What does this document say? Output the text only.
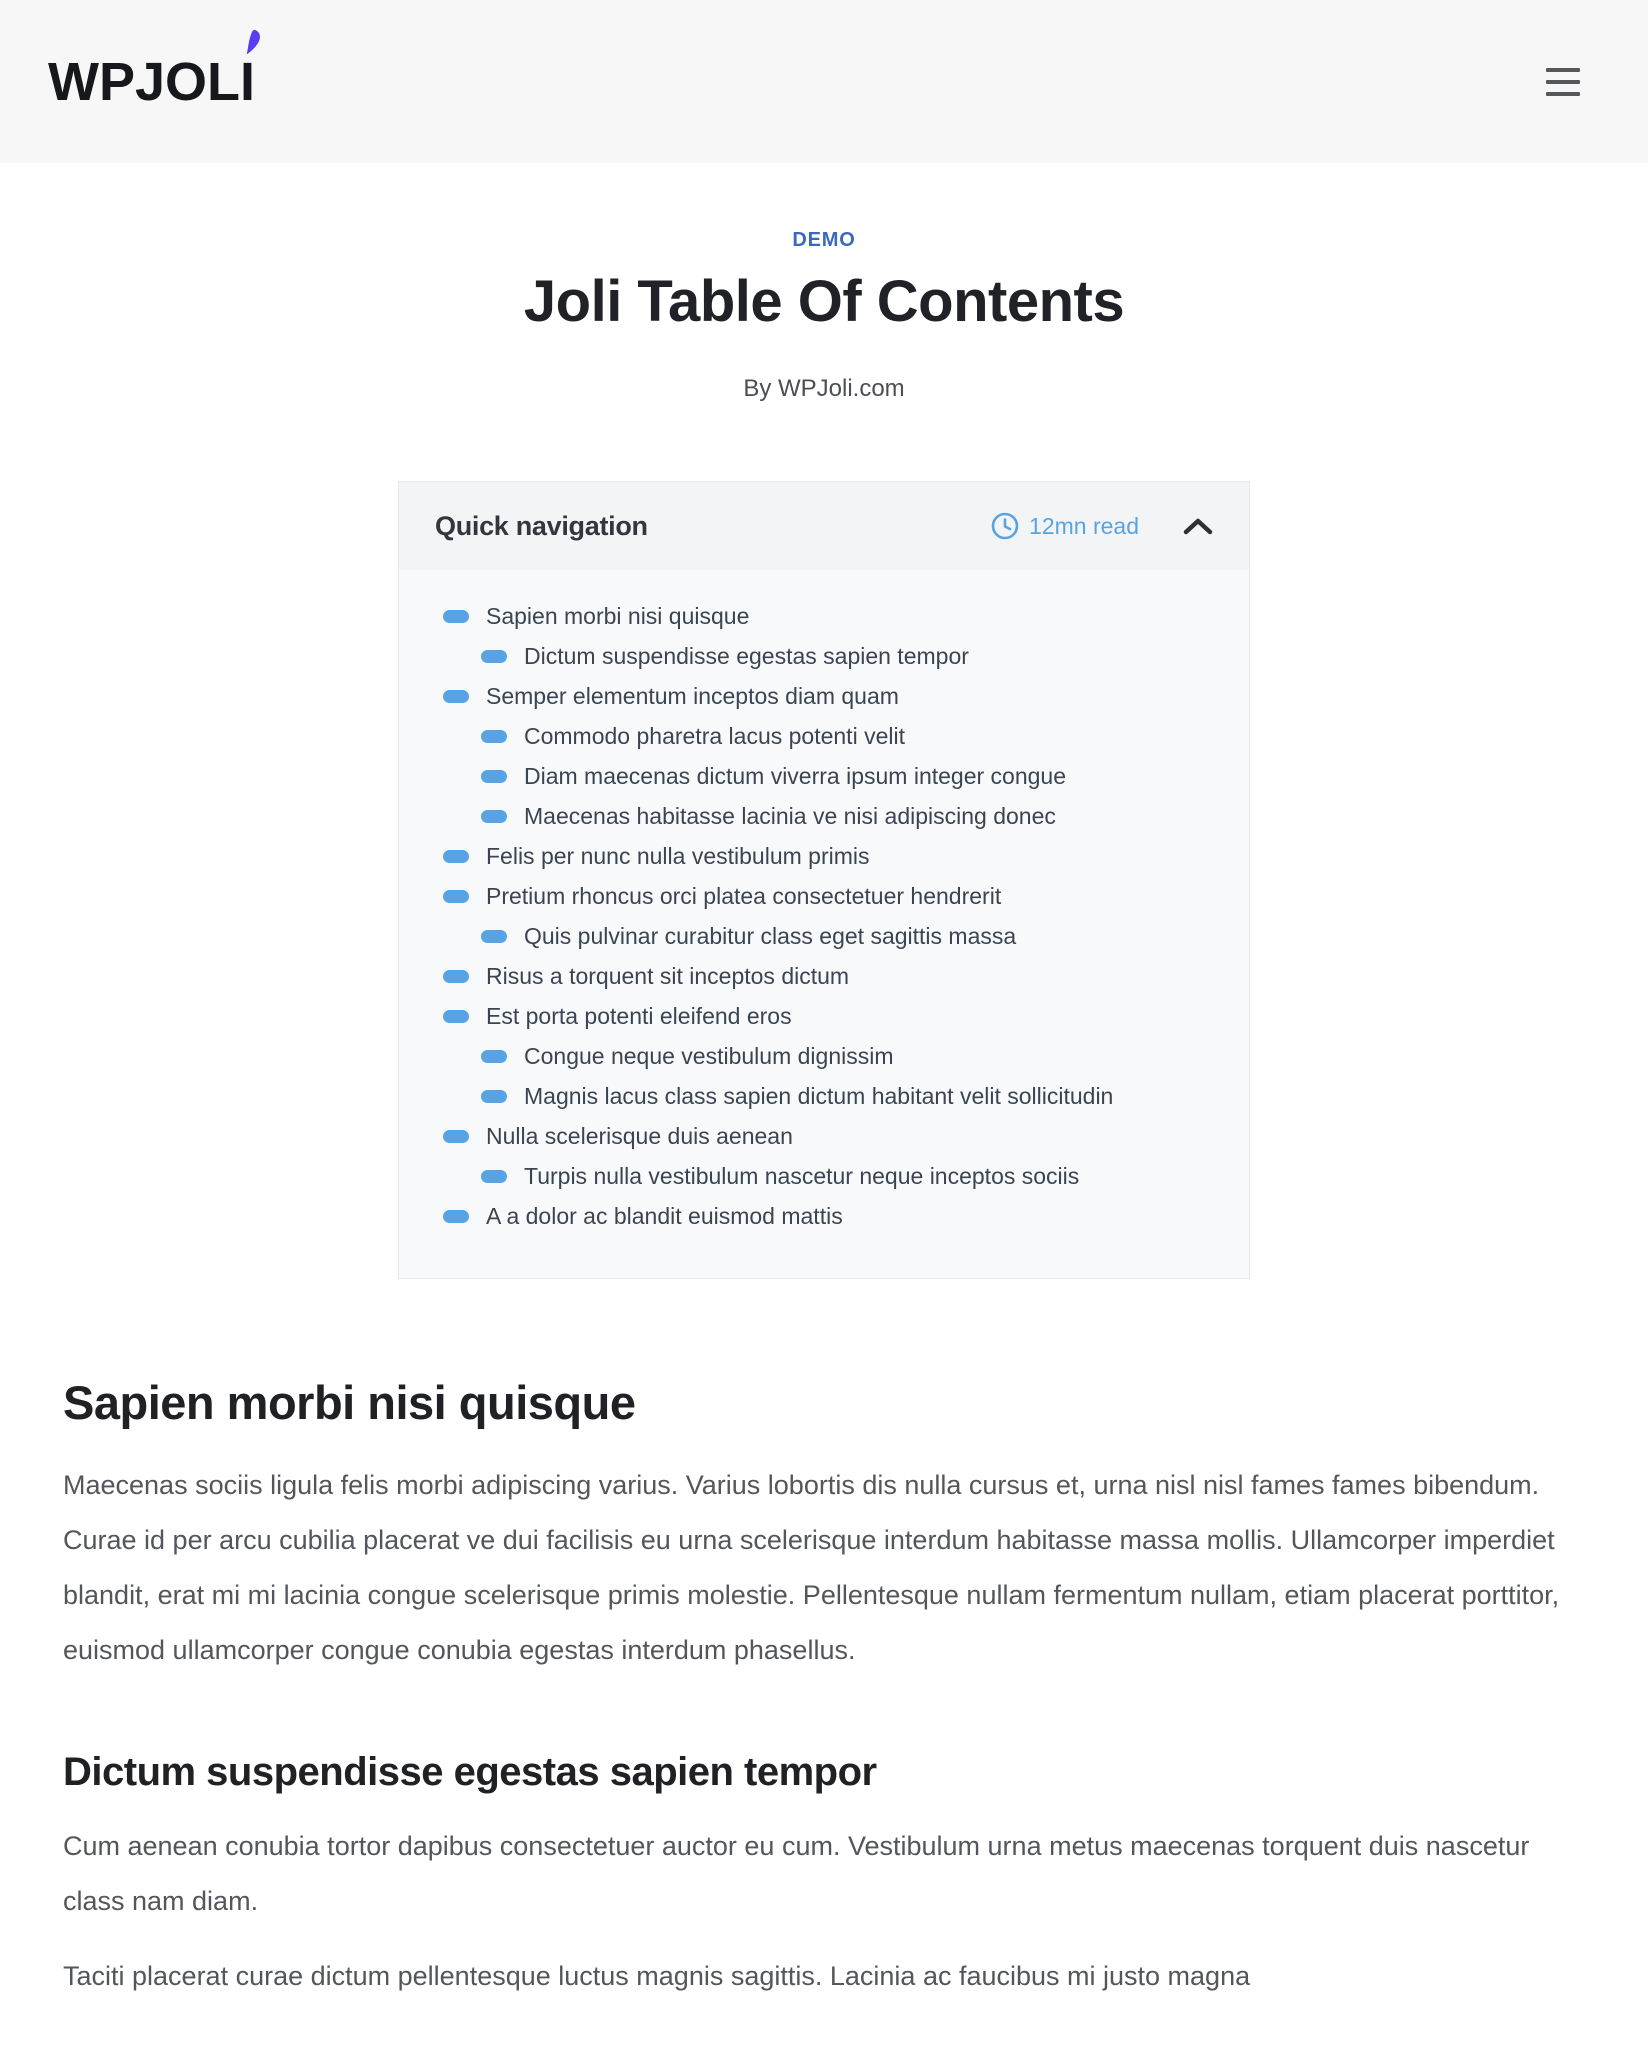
WPJOLI
DEMO
Joli Table Of Contents
By WPJoli.com
Quick navigation	12mn read
Sapien morbi nisi quisque
Dictum suspendisse egestas sapien tempor
Semper elementum inceptos diam quam
Commodo pharetra lacus potenti velit
Diam maecenas dictum viverra ipsum integer congue
Maecenas habitasse lacinia ve nisi adipiscing donec
Felis per nunc nulla vestibulum primis
Pretium rhoncus orci platea consectetuer hendrerit
Quis pulvinar curabitur class eget sagittis massa
Risus a torquent sit inceptos dictum
Est porta potenti eleifend eros
Congue neque vestibulum dignissim
Magnis lacus class sapien dictum habitant velit sollicitudin
Nulla scelerisque duis aenean
Turpis nulla vestibulum nascetur neque inceptos sociis
A a dolor ac blandit euismod mattis
Sapien morbi nisi quisque

Maecenas sociis ligula felis morbi adipiscing varius. Varius lobortis dis nulla cursus et, urna nisl nisl fames fames bibendum. Curae id per arcu cubilia placerat ve dui facilisis eu urna scelerisque interdum habitasse massa mollis. Ullamcorper imperdiet blandit, erat mi mi lacinia congue scelerisque primis molestie. Pellentesque nullam fermentum nullam, etiam placerat porttitor, euismod ullamcorper congue conubia egestas interdum phasellus.

Dictum suspendisse egestas sapien tempor

Cum aenean conubia tortor dapibus consectetuer auctor eu cum. Vestibulum urna metus maecenas torquent duis nascetur class nam diam.

Taciti placerat curae dictum pellentesque luctus magnis sagittis. Lacinia ac faucibus mi justo magna
